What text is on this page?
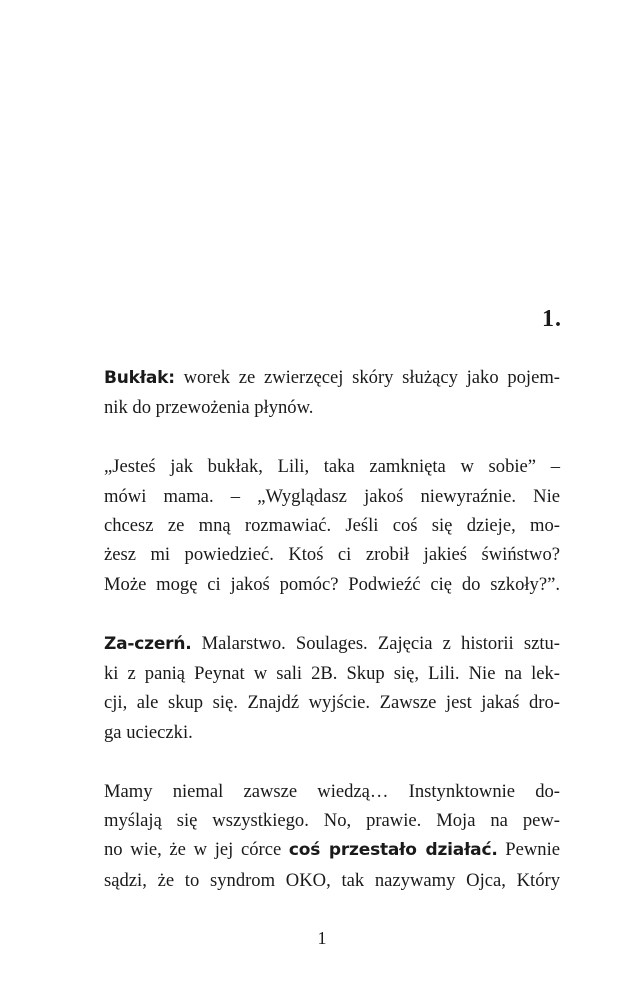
1.

Bukłak: worek ze zwierzęcej skóry służący jako pojem-
nik do przewożenia płynów.

„Jesteś jak bukłak, Lili, taka zamknięta w sobie” –
mówi mama. – „Wyglądasz jakoś niewyraźnie. Nie
chcesz ze mną rozmawiać. Jeśli coś się dzieje, mo-
żesz mi powiedzieć. Ktoś ci zrobił jakieś świństwo?
Może mogę ci jakoś pomóc? Podwieźć cię do szkoły?”.

Za-czerń. Malarstwo. Soulages. Zajęcia z historii sztu-
ki z panią Peynat w sali 2B. Skup się, Lili. Nie na lek-
cji, ale skup się. Znajdź wyjście. Zawsze jest jakaś dro-
ga ucieczki.

Mamy niemal zawsze wiedzą… Instynktownie do-
myślają się wszystkiego. No, prawie. Moja na pew-
no wie, że w jej córce coś przestało działać. Pewnie
sądzi, że to syndrom OKO, tak nazywamy Ojca, Który

1
